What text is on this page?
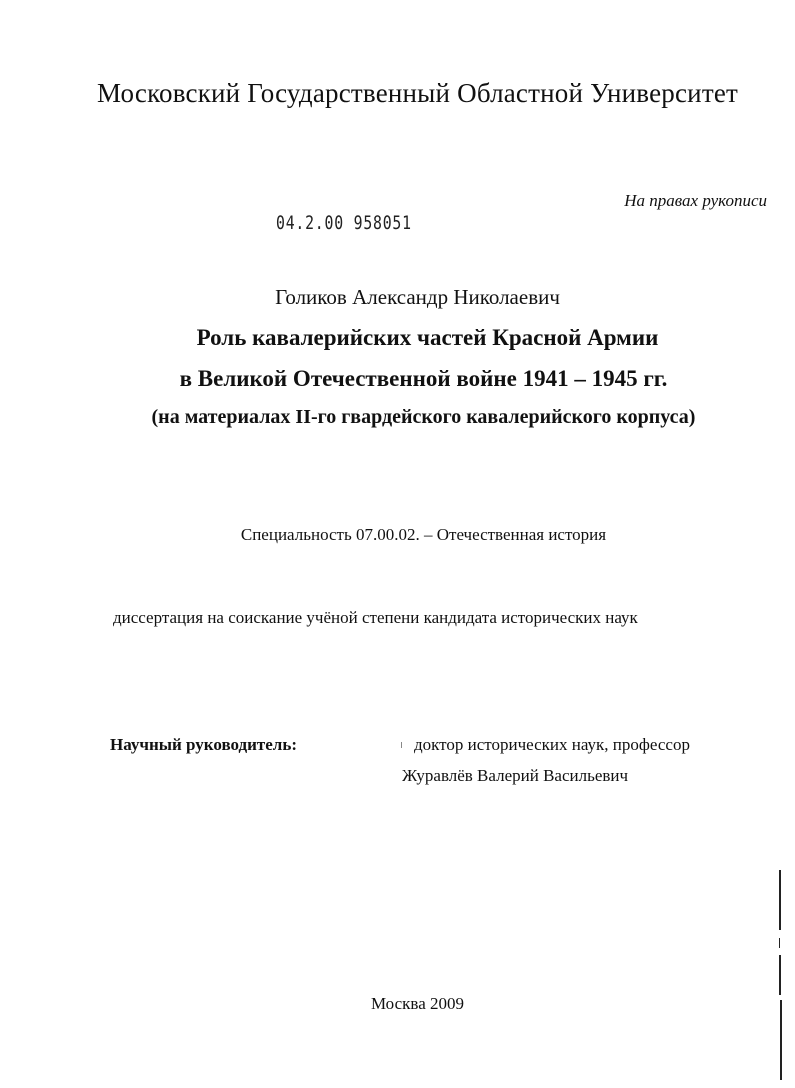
Московский Государственный Областной Университет

На правах рукописи

04.2.00 958051

Голиков Александр Николаевич

Роль кавалерийских частей Красной Армии

в Великой Отечественной войне 1941 – 1945 гг.

(на материалах II-го гвардейского кавалерийского корпуса)

Специальность 07.00.02. – Отечественная история

диссертация на соискание учёной степени кандидата исторических наук

Научный руководитель:	доктор исторических наук, профессор

Журавлёв Валерий Васильевич

Москва 2009
